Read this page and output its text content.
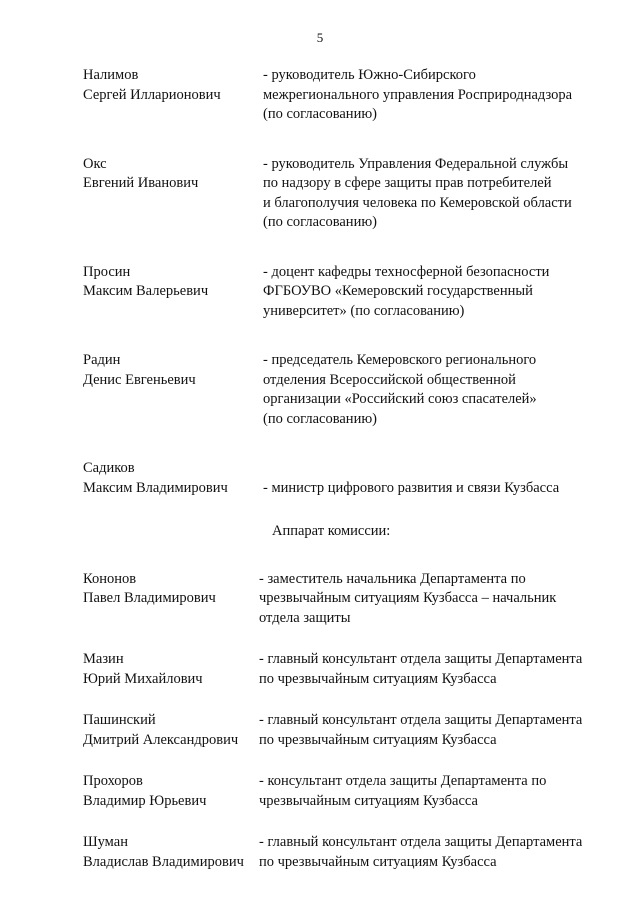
5
Налимов
Сергей Илларионович
- руководитель Южно-Сибирского
межрегионального управления Росприроднадзора
(по согласованию)
Окс
Евгений Иванович
- руководитель Управления Федеральной службы
по надзору в сфере защиты прав потребителей
и благополучия человека по Кемеровской области
(по согласованию)
Просин
Максим Валерьевич
- доцент кафедры техносферной безопасности
ФГБОУВО «Кемеровский государственный
университет» (по согласованию)
Радин
Денис Евгеньевич
- председатель Кемеровского регионального
отделения Всероссийской общественной
организации «Российский союз спасателей»
(по согласованию)
Садиков
Максим Владимирович
	- министр цифрового развития и связи Кузбасса
Аппарат комиссии:
Кононов
Павел Владимирович
- заместитель начальника Департамента по
чрезвычайным ситуациям Кузбасса – начальник
отдела защиты
Мазин
Юрий Михайлович
- главный консультант отдела защиты Департамента
по чрезвычайным ситуациям Кузбасса
Пашинский
Дмитрий Александрович
- главный консультант отдела защиты Департамента
по чрезвычайным ситуациям Кузбасса
Прохоров
Владимир Юрьевич
- консультант отдела защиты Департамента по
чрезвычайным ситуациям Кузбасса
Шуман
Владислав Владимирович
- главный консультант отдела защиты Департамента
по чрезвычайным ситуациям Кузбасса
